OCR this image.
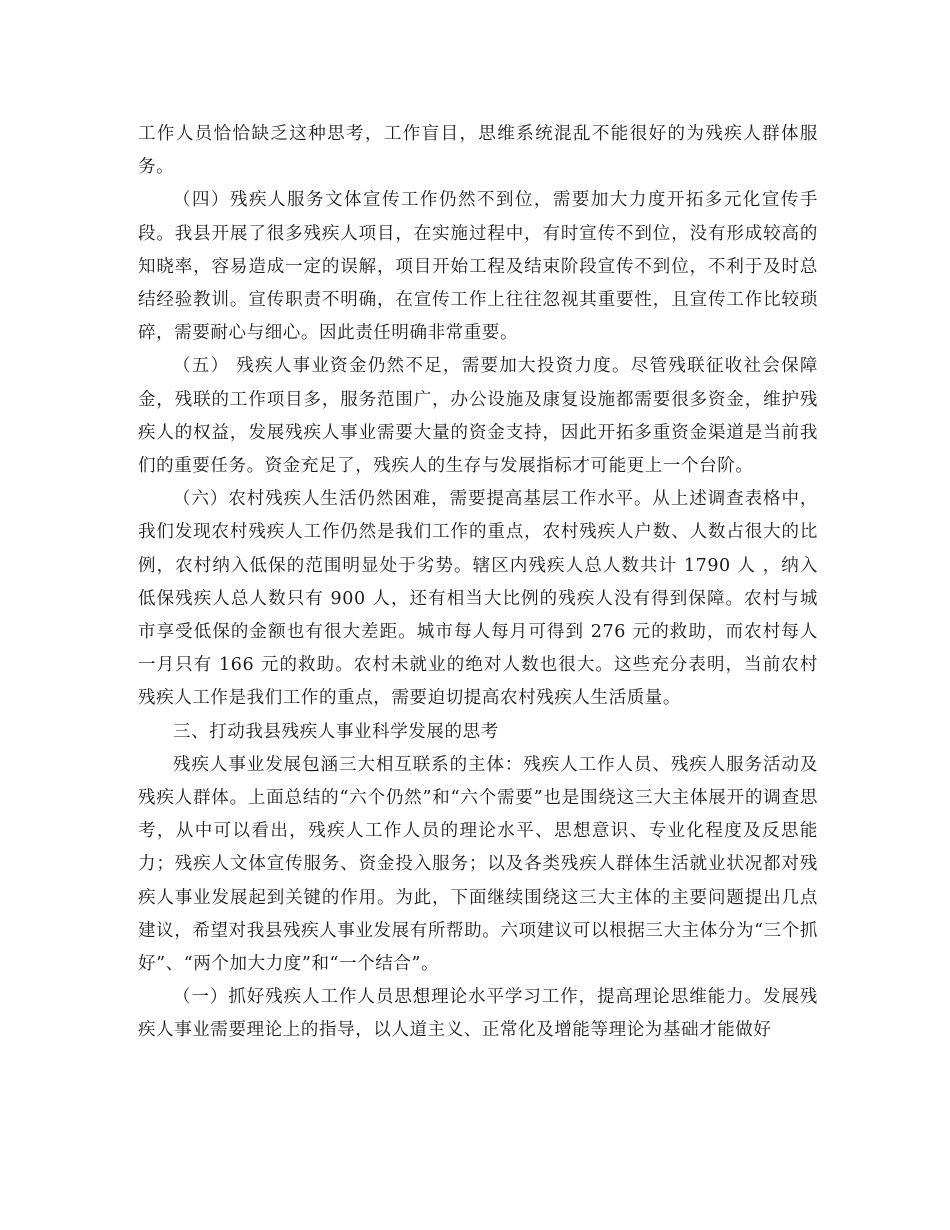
工作人员恰恰缺乏这种思考，工作盲目，思维系统混乱不能很好的为残疾人群体服务。

（四）残疾人服务文体宣传工作仍然不到位，需要加大力度开拓多元化宣传手段。我县开展了很多残疾人项目，在实施过程中，有时宣传不到位，没有形成较高的知晓率，容易造成一定的误解，项目开始工程及结束阶段宣传不到位，不利于及时总结经验教训。宣传职责不明确，在宣传工作上往往忽视其重要性，且宣传工作比较琐碎，需要耐心与细心。因此责任明确非常重要。

（五） 残疾人事业资金仍然不足，需要加大投资力度。尽管残联征收社会保障金，残联的工作项目多，服务范围广，办公设施及康复设施都需要很多资金，维护残疾人的权益，发展残疾人事业需要大量的资金支持，因此开拓多重资金渠道是当前我们的重要任务。资金充足了，残疾人的生存与发展指标才可能更上一个台阶。

（六）农村残疾人生活仍然困难，需要提高基层工作水平。从上述调查表格中，我们发现农村残疾人工作仍然是我们工作的重点，农村残疾人户数、人数占很大的比例，农村纳入低保的范围明显处于劣势。辖区内残疾人总人数共计 1790 人 ，纳入低保残疾人总人数只有 900 人，还有相当大比例的残疾人没有得到保障。农村与城市享受低保的金额也有很大差距。城市每人每月可得到 276 元的救助，而农村每人一月只有 166 元的救助。农村未就业的绝对人数也很大。这些充分表明，当前农村残疾人工作是我们工作的重点，需要迫切提高农村残疾人生活质量。

三、打动我县残疾人事业科学发展的思考

残疾人事业发展包涵三大相互联系的主体：残疾人工作人员、残疾人服务活动及残疾人群体。上面总结的“六个仍然”和“六个需要”也是围绕这三大主体展开的调查思考，从中可以看出，残疾人工作人员的理论水平、思想意识、专业化程度及反思能力；残疾人文体宣传服务、资金投入服务；以及各类残疾人群体生活就业状况都对残疾人事业发展起到关键的作用。为此，下面继续围绕这三大主体的主要问题提出几点建议，希望对我县残疾人事业发展有所帮助。六项建议可以根据三大主体分为“三个抓好”、“两个加大力度”和“一个结合”。

（一）抓好残疾人工作人员思想理论水平学习工作，提高理论思维能力。发展残疾人事业需要理论上的指导，以人道主义、正常化及增能等理论为基础才能做好
